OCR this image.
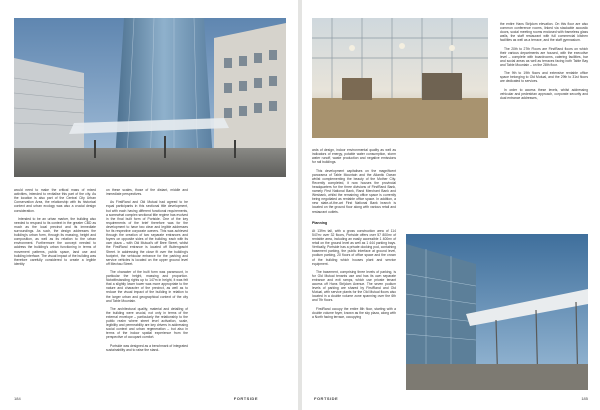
would need to make the critical mass of mixed activities, intended to revitalise this part of the city. As the location is also part of the Central City Urban Conservation Area, the relationship with its historical context and urban ecology was also a crucial design consideration.

Intended to be an urban marker, the building also needed to respond to its context in the greater CBD as much as the local precinct and its immediate surroundings. As such, the design addresses the building's urban form, through its massing, height and composition, as well as its relation to the urban environment. Furthermore the concept needed to address the building's urban functioning in terms of movement patterns, public space, land use and building interface. The visual impact of the building was therefore carefully considered to create a legible identity

on these scales, those of the distant, middle and immediate perspectives.

As FirstRand and Old Mutual had agreed to be equal participants in this sectional title development, but with each having different functional requirements, a somewhat complex sectional title regime has evolved in the final built form of Portside. One of the key requirements of the brief therefore was for the development to have two clear and legible addresses for its respective corporate owners. This was achieved through the creation of two separate entrances and foyers on opposite sides of the building, each with its own plaza – with Old Mutual's off Bree Street, whilst the FirstRand entrance is located off Buitengracht Street. In addressing the close fit over the building's footprint, the vehicular entrance for the parking and service vehicles is located on the upper ground level off Mechau Street.

The character of the built form was paramount, in particular the height, massing and proportion. Notwithstanding rights up to 147m in height, it was felt that a slightly lower tower was more appropriate to the nature and character of the precinct, as well as to reduce the visual impact of the building in relation to the larger urban and geographical context of the city and Table Mountain.

The architectural quality, material and detailing of the building were crucial, not only in terms of the external envelope – particularly the relationship to the public realm where street level activation, scale, legibility and permeability are key drivers in addressing social context and urban regeneration – but also in terms of the indoor spatial experience from the perspective of occupant comfort.

Portside was designed as a benchmark of integrated sustainability and to raise the stand-

184	FORTSIDE

the entire Hans Strijdom elevation. On this floor are also common conference rooms, linked via stackable acoustic doors, social meeting rooms enclosed with frameless glass walls, the staff restaurant with full commercial kitchen facilities as well as a terrace, and the staff gymnasium.

The 20th to 27th Floors are FirstRand floors on which their various departments are housed, with the executive level – complete with boardrooms, catering facilities, bar and social areas as well as terraces facing both Table Bay and Table Mountain – on the 28th floor.

The 9th to 19th floors and extensive rentable office space belonging to Old Mutual, and the 29th to 31st floors are dedicated to services.

In order to access these levels, whilst addressing vehicular and pedestrian approach, corporate security and dual entrance addresses,

ards of design, indoor environmental quality as well as indicators of energy, potable water consumption, storm water runoff, waste production and negative emissions for rail buildings.

This development capitalises on the magnificent panorama of Table Mountain and the Atlantic Ocean whilst complementing the beauty of the Mother City. Recently completed, it now houses the provincial headquarters for the three divisions of FirstRand Bank, namely First National Bank, Rand Merchant Bank and Wesbank, whilst the remaining office space is currently being negotiated as rentable office space. In addition, a new state-of-the-art First National Bank branch is located on the ground floor along with various retail and restaurant outlets.

Planning

At 139m tall, with a gross construction area of 114 547m² over 32 floors, Portside offers over 57 800m² of rentable area, including an easily accessible 1 400m² of retail on the ground level as well as 1 444 parking bays. Vertically, Portside has a private docking pod, containing basement parking, the public interface at ground level, podium parking, 20 floors of office space and the crown of the building which houses plant and service equipment.

The basement, comprising three levels of parking, is for Old Mutual tenants use and has its own separate entrance and exit ramps, which use private tenant access off Hans Strijdom Avenue. The seven podium levels of parking are shared by FirstRand and Old Mutual, with service plants for the Old Mutual floors also located in a double volume zone spanning over the 6th and 7th floors.

FirstRand occupy the entire 8th floor, starting with a double volume foyer, known as the sky plaza, along with a North facing terrace, occupying

185
FORTSIDE
